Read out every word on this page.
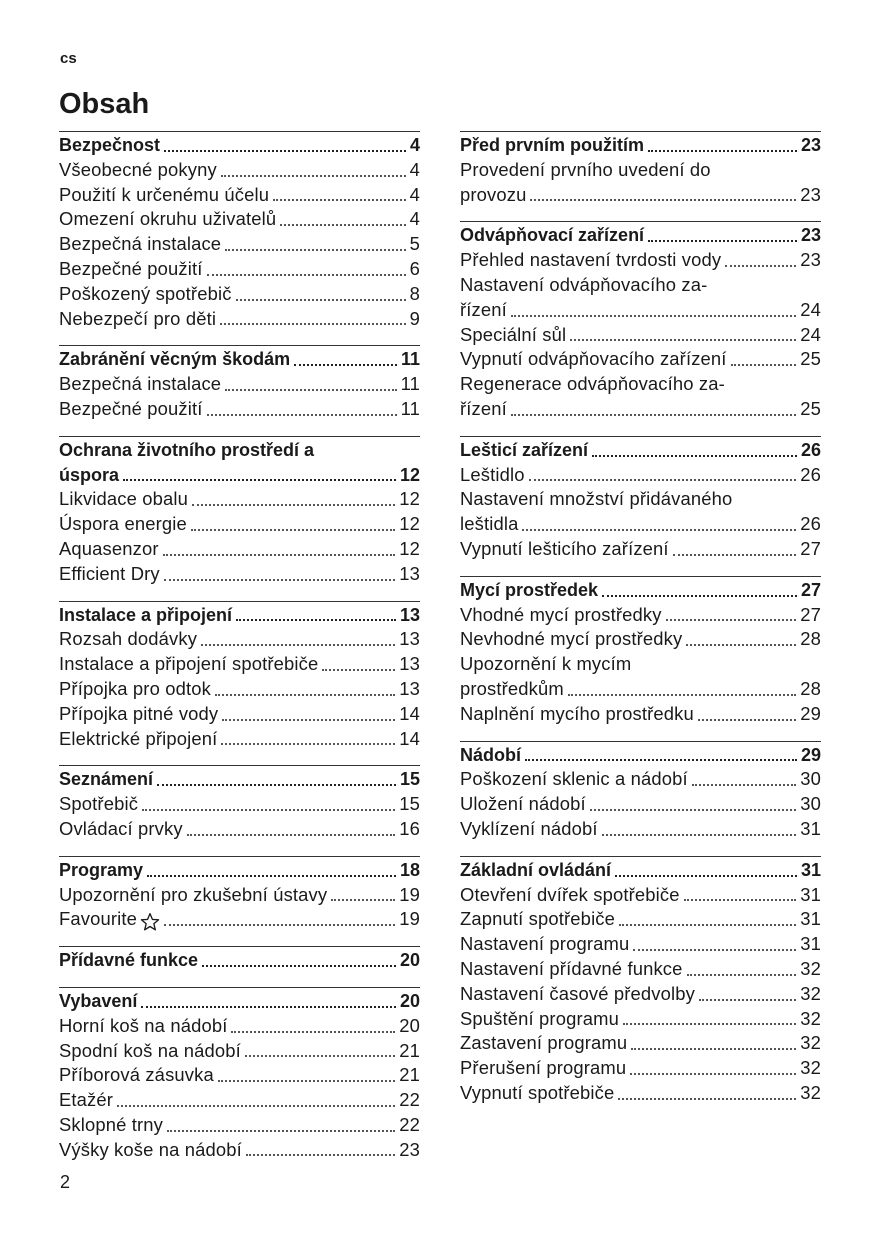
cs
Obsah
Bezpečnost	4
Všeobecné pokyny	4
Použití k určenému účelu	4
Omezení okruhu uživatelů	4
Bezpečná instalace	5
Bezpečné použití	6
Poškozený spotřebič	8
Nebezpečí pro děti	9
Zabránění věcným škodám	11
Bezpečná instalace	11
Bezpečné použití	11
Ochrana životního prostředí a
úspora	12
Likvidace obalu	12
Úspora energie	12
Aquasenzor	12
Efficient Dry	13
Instalace a připojení	13
Rozsah dodávky	13
Instalace a připojení spotřebiče	13
Přípojka pro odtok	13
Přípojka pitné vody	14
Elektrické připojení	14
Seznámení	15
Spotřebič	15
Ovládací prvky	16
Programy	18
Upozornění pro zkušební ústavy	19
Favourite	19
Přídavné funkce	20
Vybavení	20
Horní koš na nádobí	20
Spodní koš na nádobí	21
Příborová zásuvka	21
Etažér	22
Sklopné trny	22
Výšky koše na nádobí	23
Před prvním použitím	23
Provedení prvního uvedení do
provozu	23
Odvápňovací zařízení	23
Přehled nastavení tvrdosti vody	23
Nastavení odvápňovacího za-
řízení	24
Speciální sůl	24
Vypnutí odvápňovacího zařízení	25
Regenerace odvápňovacího za-
řízení	25
Lešticí zařízení	26
Leštidlo	26
Nastavení množství přidávaného
leštidla	26
Vypnutí lešticího zařízení	27
Mycí prostředek	27
Vhodné mycí prostředky	27
Nevhodné mycí prostředky	28
Upozornění k mycím
prostředkům	28
Naplnění mycího prostředku	29
Nádobí	29
Poškození sklenic a nádobí	30
Uložení nádobí	30
Vyklízení nádobí	31
Základní ovládání	31
Otevření dvířek spotřebiče	31
Zapnutí spotřebiče	31
Nastavení programu	31
Nastavení přídavné funkce	32
Nastavení časové předvolby	32
Spuštění programu	32
Zastavení programu	32
Přerušení programu	32
Vypnutí spotřebiče	32
2
